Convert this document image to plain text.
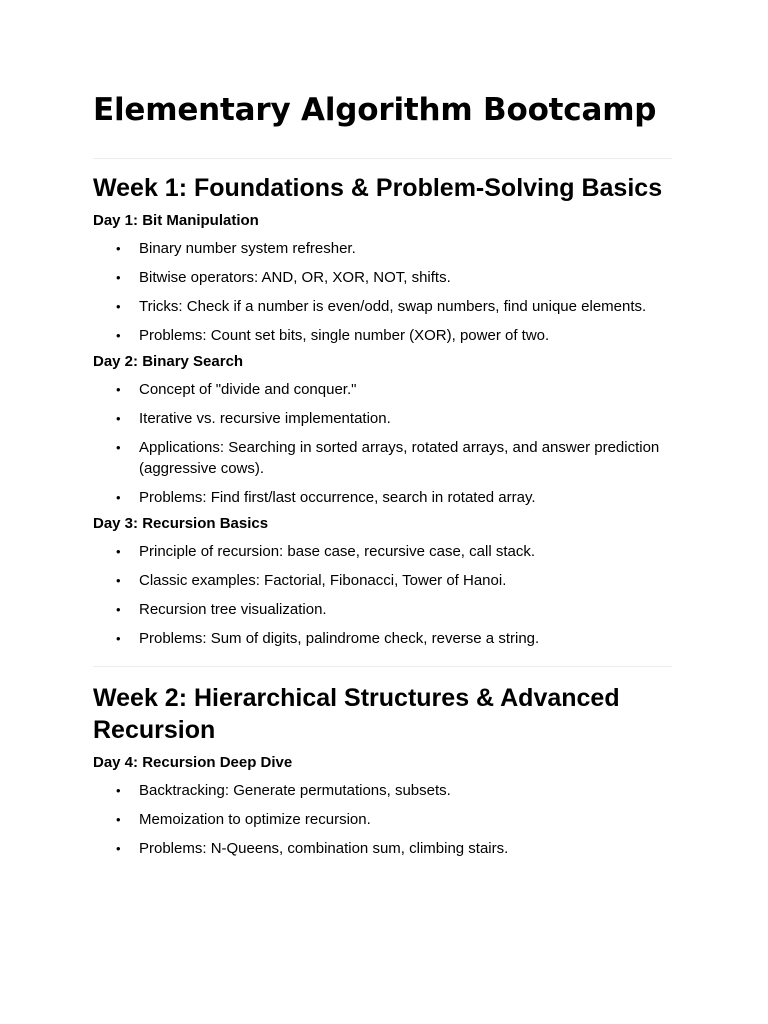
Elementary Algorithm Bootcamp
Week 1: Foundations & Problem-Solving Basics
Day 1: Bit Manipulation
• Binary number system refresher.
• Bitwise operators: AND, OR, XOR, NOT, shifts.
• Tricks: Check if a number is even/odd, swap numbers, find unique elements.
• Problems: Count set bits, single number (XOR), power of two.
Day 2: Binary Search
• Concept of "divide and conquer."
• Iterative vs. recursive implementation.
• Applications: Searching in sorted arrays, rotated arrays, and answer prediction (aggressive cows).
• Problems: Find first/last occurrence, search in rotated array.
Day 3: Recursion Basics
• Principle of recursion: base case, recursive case, call stack.
• Classic examples: Factorial, Fibonacci, Tower of Hanoi.
• Recursion tree visualization.
• Problems: Sum of digits, palindrome check, reverse a string.
Week 2: Hierarchical Structures & Advanced Recursion
Day 4: Recursion Deep Dive
• Backtracking: Generate permutations, subsets.
• Memoization to optimize recursion.
• Problems: N-Queens, combination sum, climbing stairs.
